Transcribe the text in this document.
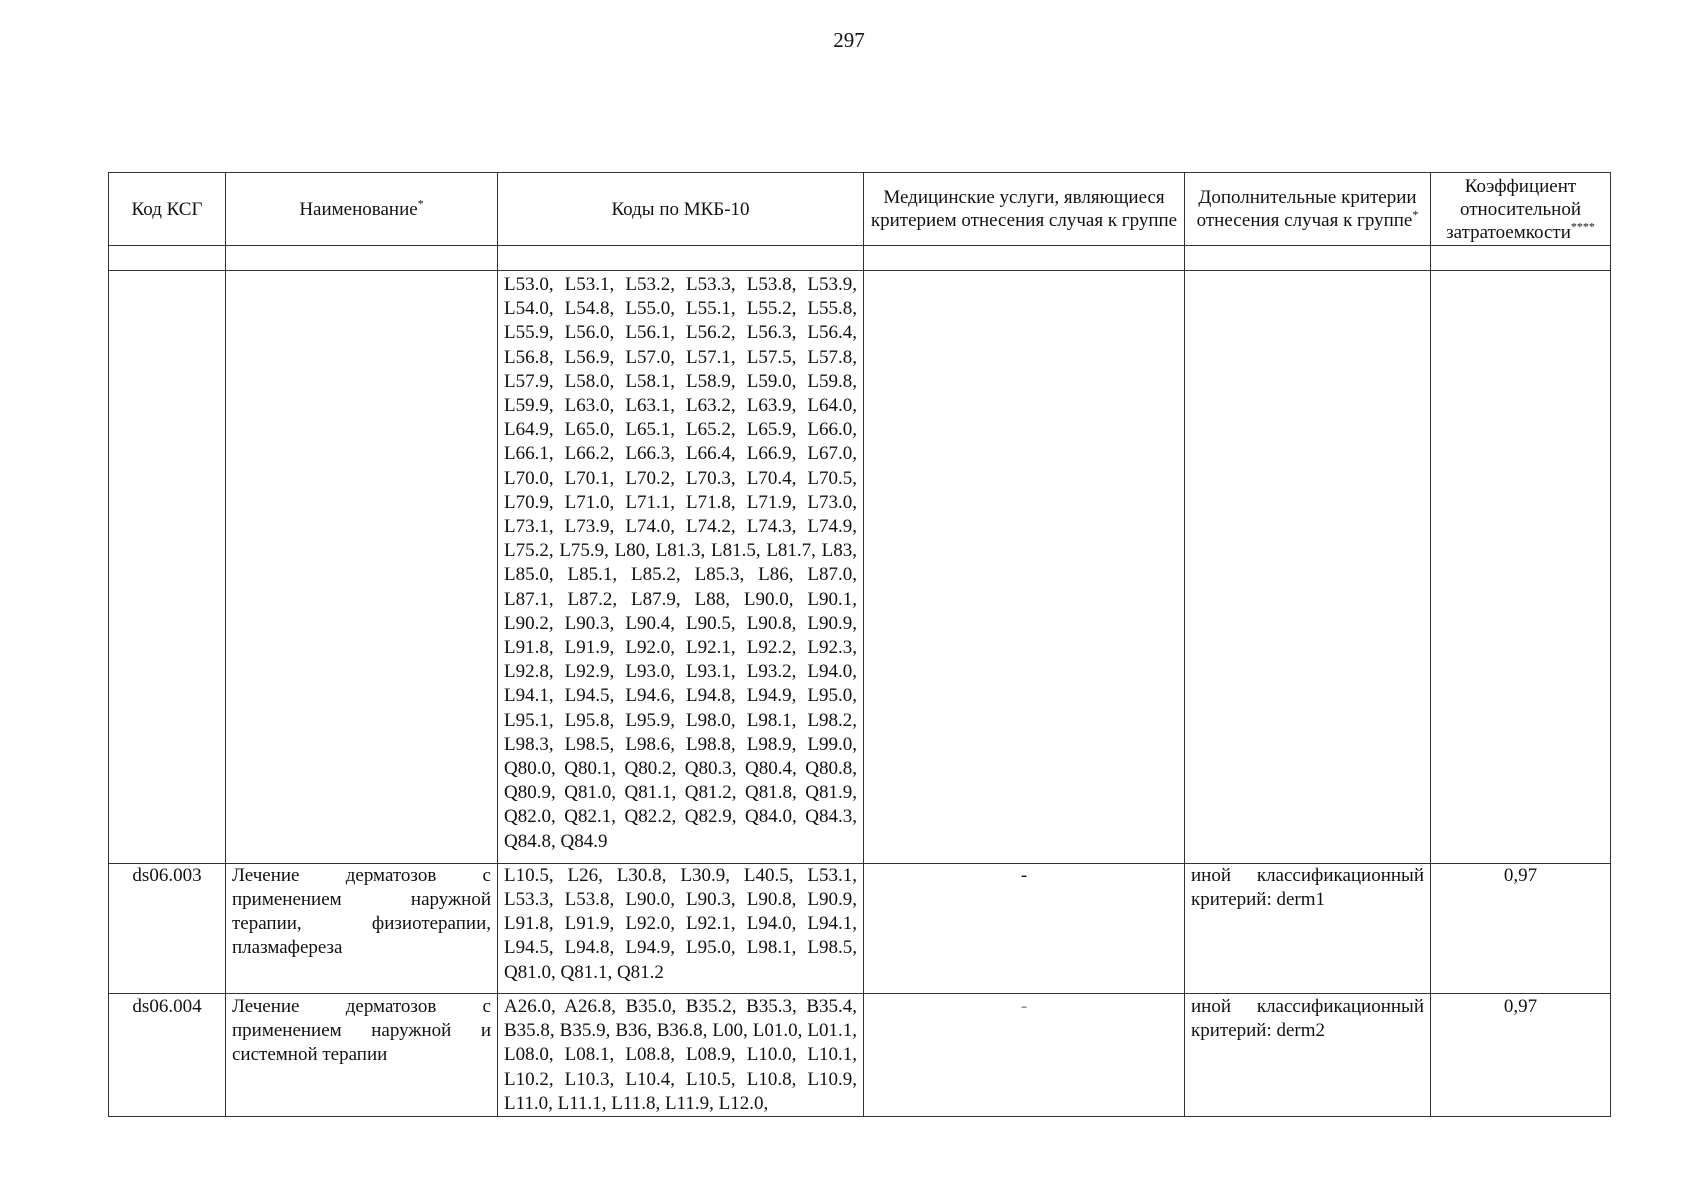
297
Код КСГ	Наименование*	Коды по МКБ-10	Медицинские услуги, являющиеся критерием отнесения случая к группе	Дополнительные критерии отнесения случая к группе*	Коэффициент относительной затратоемкости****

		L53.0, L53.1, L53.2, L53.3, L53.8, L53.9, L54.0, L54.8, L55.0, L55.1, L55.2, L55.8, L55.9, L56.0, L56.1, L56.2, L56.3, L56.4, L56.8, L56.9, L57.0, L57.1, L57.5, L57.8, L57.9, L58.0, L58.1, L58.9, L59.0, L59.8, L59.9, L63.0, L63.1, L63.2, L63.9, L64.0, L64.9, L65.0, L65.1, L65.2, L65.9, L66.0, L66.1, L66.2, L66.3, L66.4, L66.9, L67.0, L70.0, L70.1, L70.2, L70.3, L70.4, L70.5, L70.9, L71.0, L71.1, L71.8, L71.9, L73.0, L73.1, L73.9, L74.0, L74.2, L74.3, L74.9, L75.2, L75.9, L80, L81.3, L81.5, L81.7, L83, L85.0, L85.1, L85.2, L85.3, L86, L87.0, L87.1, L87.2, L87.9, L88, L90.0, L90.1, L90.2, L90.3, L90.4, L90.5, L90.8, L90.9, L91.8, L91.9, L92.0, L92.1, L92.2, L92.3, L92.8, L92.9, L93.0, L93.1, L93.2, L94.0, L94.1, L94.5, L94.6, L94.8, L94.9, L95.0, L95.1, L95.8, L95.9, L98.0, L98.1, L98.2, L98.3, L98.5, L98.6, L98.8, L98.9, L99.0, Q80.0, Q80.1, Q80.2, Q80.3, Q80.4, Q80.8, Q80.9, Q81.0, Q81.1, Q81.2, Q81.8, Q81.9, Q82.0, Q82.1, Q82.2, Q82.9, Q84.0, Q84.3, Q84.8, Q84.9			
ds06.003	Лечение дерматозов с применением наружной терапии, физиотерапии, плазмафереза	L10.5, L26, L30.8, L30.9, L40.5, L53.1, L53.3, L53.8, L90.0, L90.3, L90.8, L90.9, L91.8, L91.9, L92.0, L92.1, L94.0, L94.1, L94.5, L94.8, L94.9, L95.0, L98.1, L98.5, Q81.0, Q81.1, Q81.2	-	иной классификационный критерий: derm1	0,97
ds06.004	Лечение дерматозов с применением наружной и системной терапии	A26.0, A26.8, B35.0, B35.2, B35.3, B35.4, B35.8, B35.9, B36, B36.8, L00, L01.0, L01.1, L08.0, L08.1, L08.8, L08.9, L10.0, L10.1, L10.2, L10.3, L10.4, L10.5, L10.8, L10.9, L11.0, L11.1, L11.8, L11.9, L12.0,	-	иной классификационный критерий: derm2	0,97
